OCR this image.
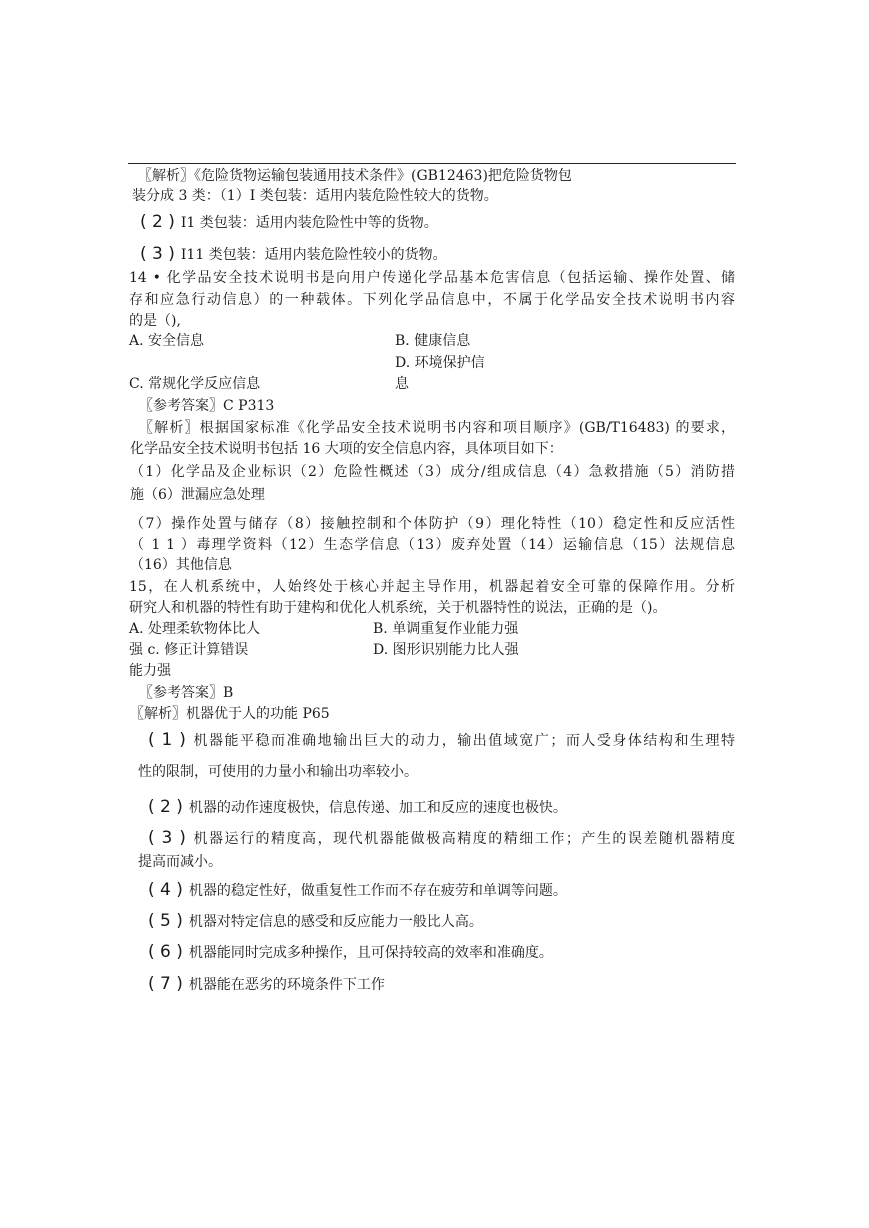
〖解析〗《危险货物运输包装通用技术条件》(GB12463)把危险货物包
装分成 3 类：（1）I 类包装：适用内装危险性较大的货物。
( 2 ) I1 类包装：适用内装危险性中等的货物。
( 3 ) I11 类包装：适用内装危险性较小的货物。
14 • 化学品安全技术说明书是向用户传递化学品基本危害信息（包括运输、操作处置、储
存和应急行动信息）的一种载体。下列化学品信息中，不属于化学品安全技术说明书内容
的是（),
A. 安全信息	B. 健康信息
D. 环境保护信
C. 常规化学反应信息	息
〖参考答案〗C P313
〖解析〗根据国家标准《化学品安全技术说明书内容和项目顺序》(GB/T16483) 的要求，
化学品安全技术说明书包括 16 大项的安全信息内容，具体项目如下：
（1）化学品及企业标识（2）危险性概述（3）成分/组成信息（4）急救措施（5）消防措
施（6）泄漏应急处理
（7）操作处置与储存（8）接触控制和个体防护（9）理化特性（10）稳定性和反应活性
（ 1 1 ）毒理学资料（12）生态学信息（13）废弃处置（14）运输信息（15）法规信息
（16）其他信息
15，在人机系统中，人始终处于核心并起主导作用，机器起着安全可靠的保障作用。分析
研究人和机器的特性有助于建构和优化人机系统，关于机器特性的说法，正确的是（)。
A. 处理柔软物体比人	B. 单调重复作业能力强
强 c. 修正计算错误	D. 图形识别能力比人强
能力强
〖参考答案〗B
〖解析〗机器优于人的功能 P65
( 1 ) 机器能平稳而准确地输出巨大的动力，输出值域宽广；而人受身体结构和生理特
性的限制，可使用的力量小和输出功率较小。
( 2 ) 机器的动作速度极快，信息传递、加工和反应的速度也极快。
( 3 ) 机器运行的精度高，现代机器能做极高精度的精细工作；产生的误差随机器精度
提高而减小。
( 4 ) 机器的稳定性好，做重复性工作而不存在疲劳和单调等问题。
( 5 ) 机器对特定信息的感受和反应能力一般比人高。
( 6 ) 机器能同时完成多种操作，且可保持较高的效率和准确度。
( 7 ) 机器能在恶劣的环境条件下工作
